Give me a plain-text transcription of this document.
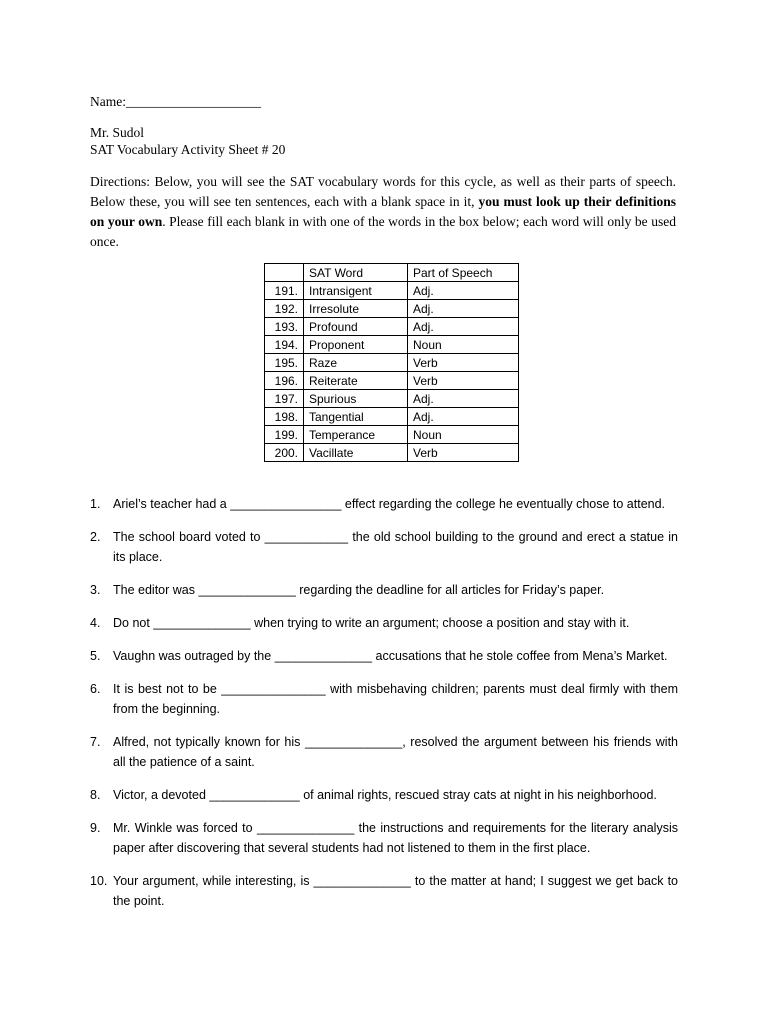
Name:____________________
Mr. Sudol
SAT Vocabulary Activity Sheet # 20
Directions: Below, you will see the SAT vocabulary words for this cycle, as well as their parts of speech. Below these, you will see ten sentences, each with a blank space in it, you must look up their definitions on your own. Please fill each blank in with one of the words in the box below; each word will only be used once.
	SAT Word	Part of Speech
191.	Intransigent	Adj.
192.	Irresolute	Adj.
193.	Profound	Adj.
194.	Proponent	Noun
195.	Raze	Verb
196.	Reiterate	Verb
197.	Spurious	Adj.
198.	Tangential	Adj.
199.	Temperance	Noun
200.	Vacillate	Verb
1. Ariel’s teacher had a ________________ effect regarding the college he eventually chose to attend.
2. The school board voted to ____________ the old school building to the ground and erect a statue in its place.
3. The editor was ______________ regarding the deadline for all articles for Friday’s paper.
4. Do not ______________ when trying to write an argument; choose a position and stay with it.
5. Vaughn was outraged by the ______________ accusations that he stole coffee from Mena’s Market.
6. It is best not to be _______________ with misbehaving children; parents must deal firmly with them from the beginning.
7. Alfred, not typically known for his ______________, resolved the argument between his friends with all the patience of a saint.
8. Victor, a devoted _____________ of animal rights, rescued stray cats at night in his neighborhood.
9. Mr. Winkle was forced to ______________ the instructions and requirements for the literary analysis paper after discovering that several students had not listened to them in the first place.
10. Your argument, while interesting, is ______________ to the matter at hand; I suggest we get back to the point.
